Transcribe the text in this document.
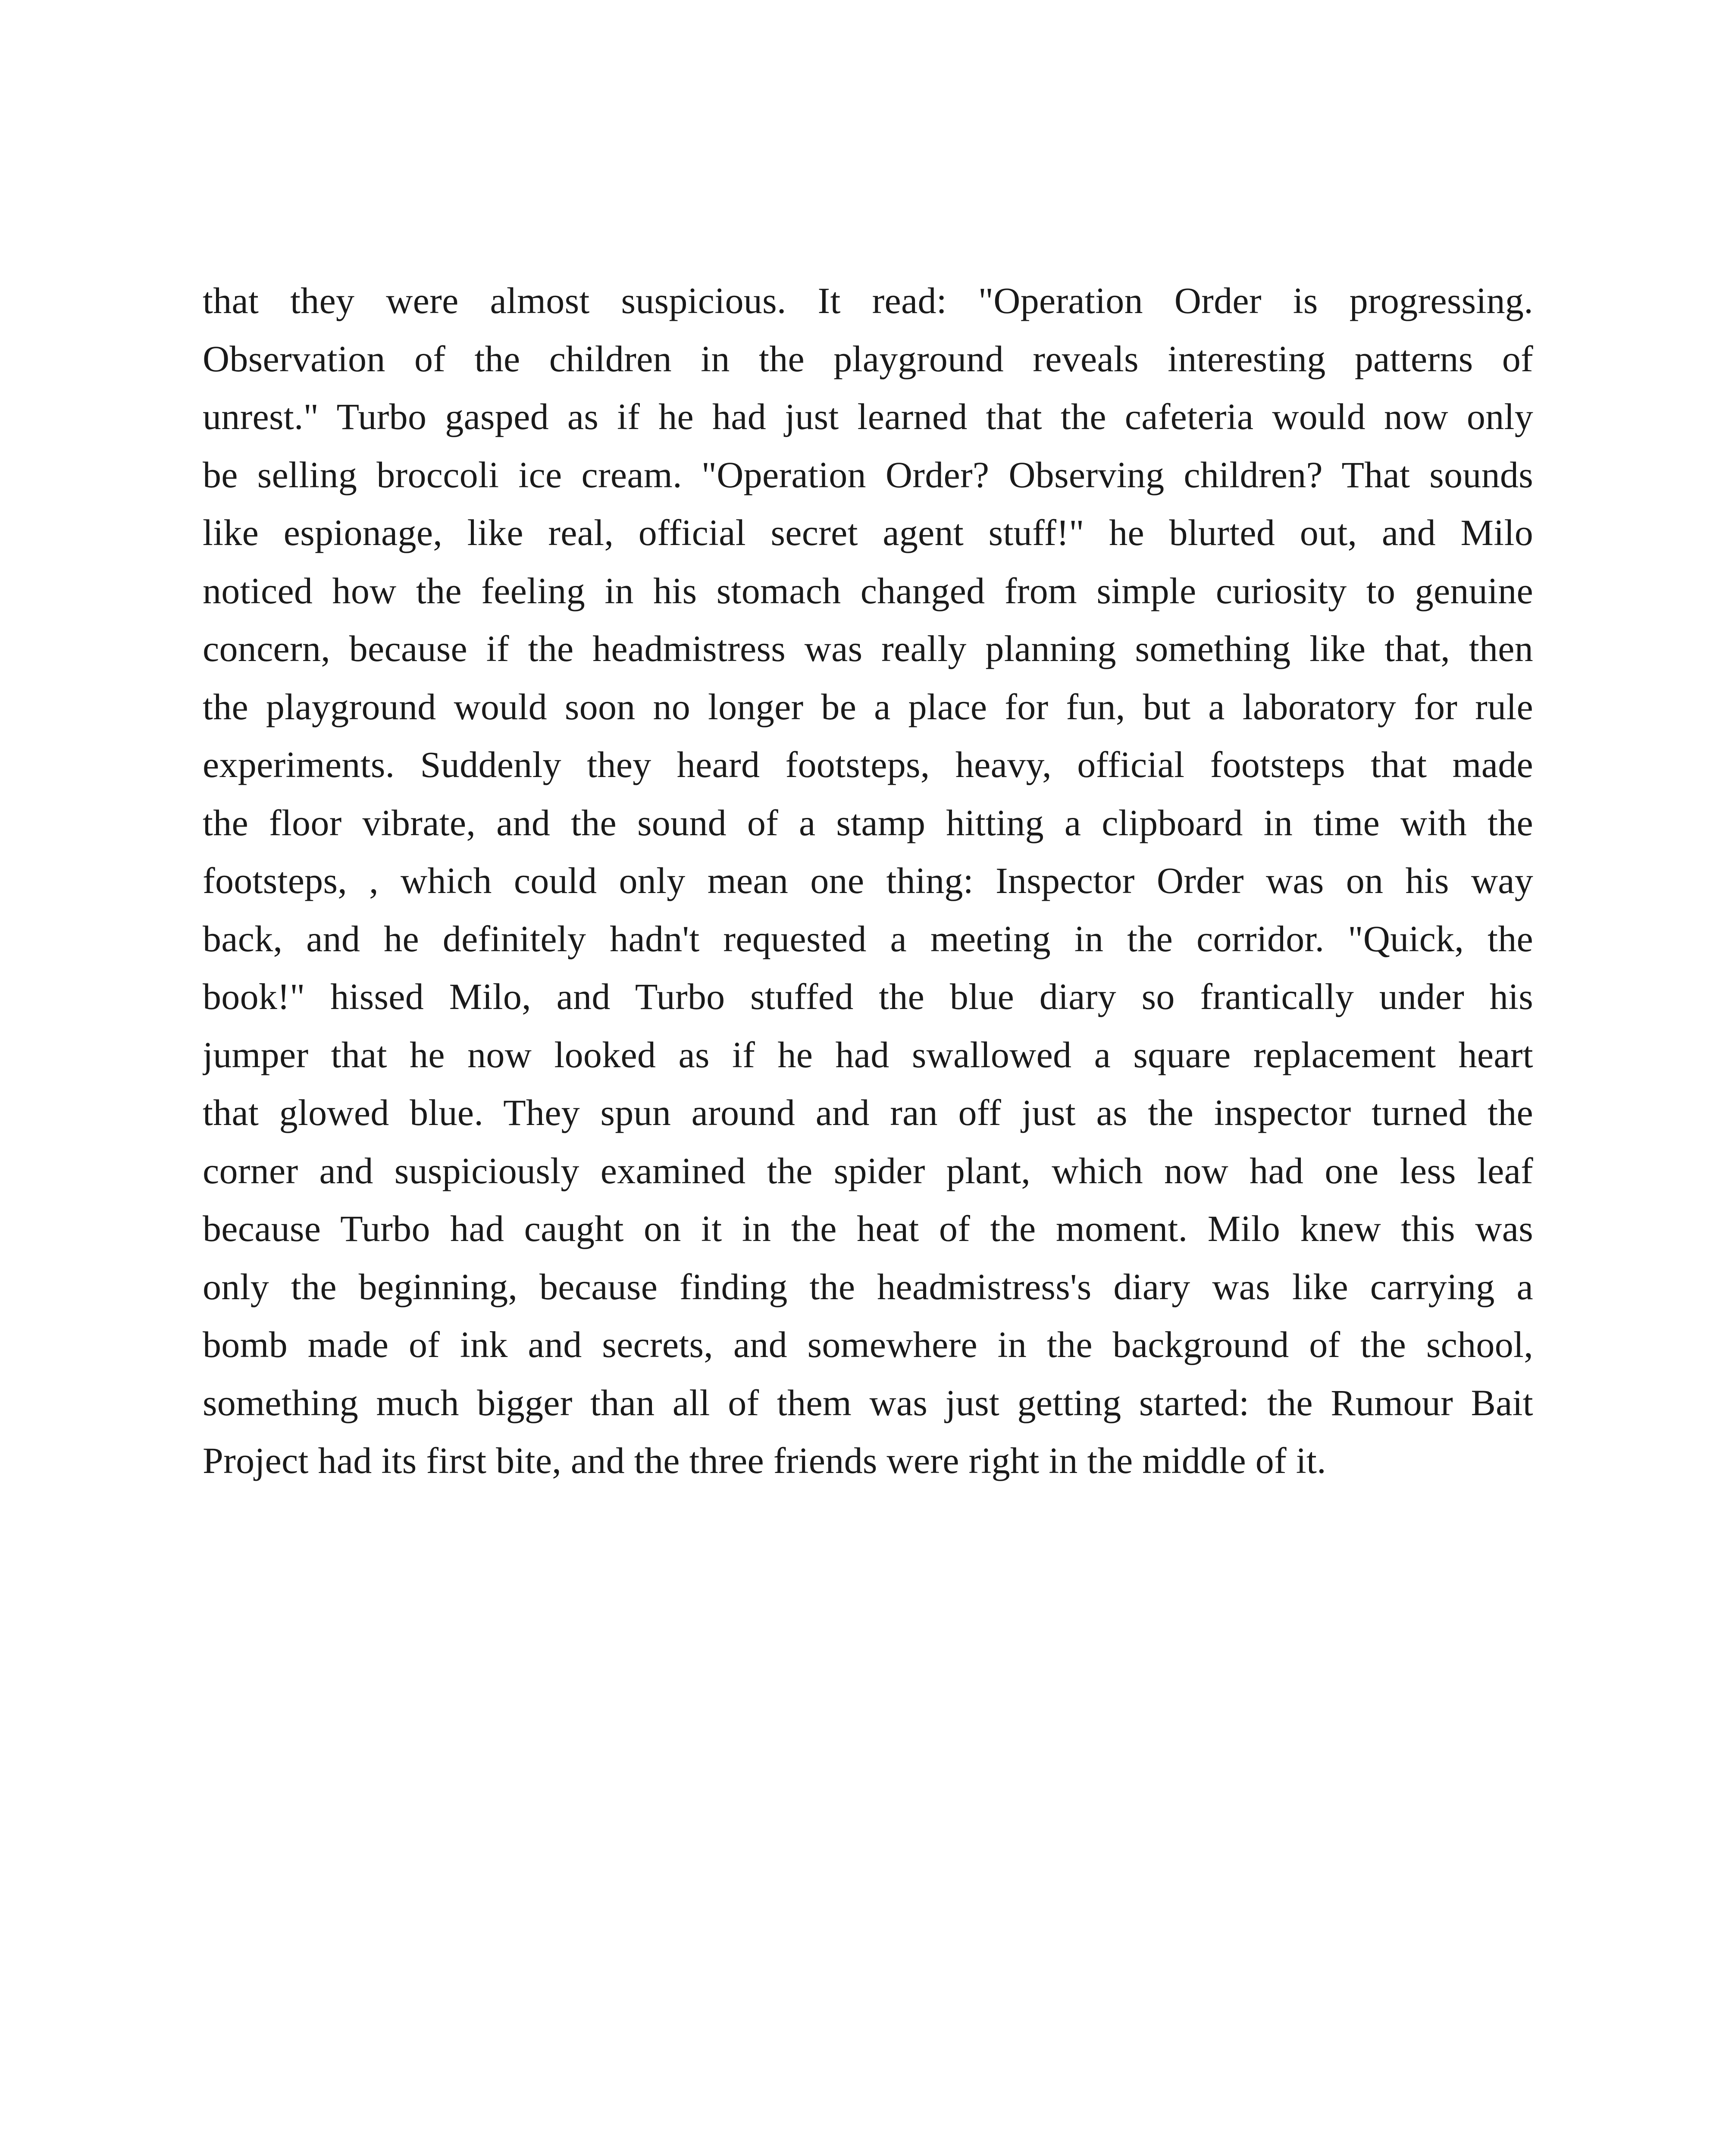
that they were almost suspicious. It read: "Operation Order is progressing.
Observation of the children in the playground reveals interesting patterns of
unrest." Turbo gasped as if he had just learned that the cafeteria would now only
be selling broccoli ice cream. "Operation Order? Observing children? That sounds
like espionage, like real, official secret agent stuff!" he blurted out, and Milo
noticed how the feeling in his stomach changed from simple curiosity to genuine
concern, because if the headmistress was really planning something like that, then
the playground would soon no longer be a place for fun, but a laboratory for rule
experiments. Suddenly they heard footsteps, heavy, official footsteps that made
the floor vibrate, and the sound of a stamp hitting a clipboard in time with the
footsteps, , which could only mean one thing: Inspector Order was on his way
back, and he definitely hadn't requested a meeting in the corridor. "Quick, the
book!" hissed Milo, and Turbo stuffed the blue diary so frantically under his
jumper that he now looked as if he had swallowed a square replacement heart
that glowed blue. They spun around and ran off just as the inspector turned the
corner and suspiciously examined the spider plant, which now had one less leaf
because Turbo had caught on it in the heat of the moment. Milo knew this was
only the beginning, because finding the headmistress's diary was like carrying a
bomb made of ink and secrets, and somewhere in the background of the school,
something much bigger than all of them was just getting started: the Rumour Bait
Project had its first bite, and the three friends were right in the middle of it.
